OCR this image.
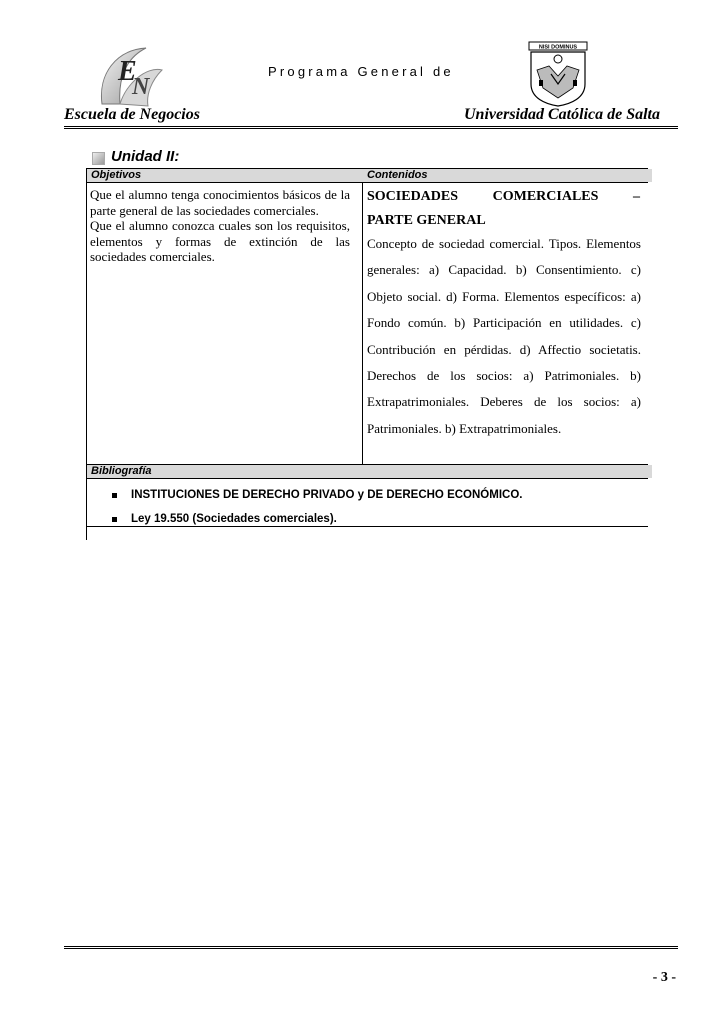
E
N
Programa General de
NISI DOMINUS
Escuela de Negocios	Universidad Católica de Salta
Unidad II:
Objetivos	Contenidos

Que el alumno tenga conocimientos básicos de la parte general de las sociedades comerciales.

Que el alumno conozca cuales son los requisitos, elementos y formas de extinción de las sociedades comerciales.

SOCIEDADES COMERCIALES –
PARTE GENERAL
Concepto de sociedad comercial. Tipos. Elementos generales: a) Capacidad. b) Consentimiento. c) Objeto social. d) Forma. Elementos específicos: a) Fondo común. b) Participación en utilidades. c) Contribución en pérdidas. d) Affectio societatis. Derechos de los socios: a) Patrimoniales. b) Extrapatrimoniales. Deberes de los socios: a) Patrimoniales. b) Extrapatrimoniales.
Bibliografía
INSTITUCIONES DE DERECHO PRIVADO y DE DERECHO ECONÓMICO.
Ley 19.550 (Sociedades comerciales).
- 3 -
